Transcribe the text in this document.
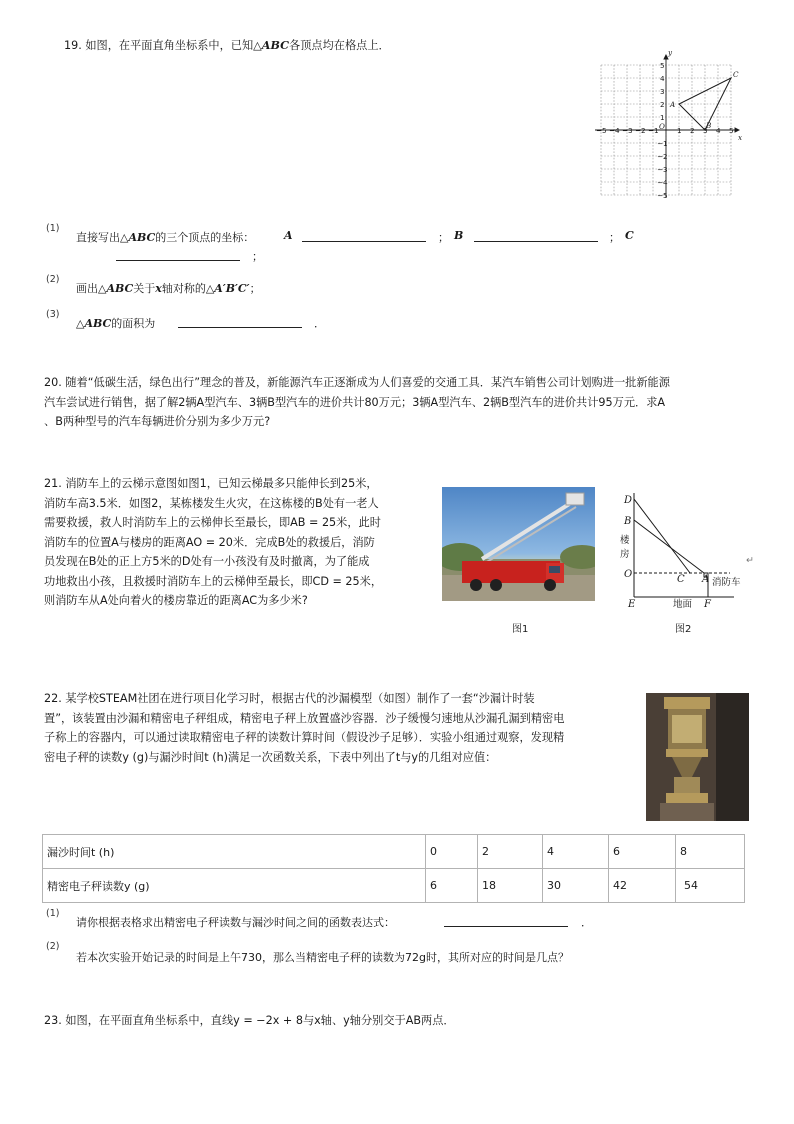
19. 如图，在平面直角坐标系中，已知△ABC各顶点均在格点上．
−5 −4 −3 −2 −1	1 2 3 4 5
5
4
3
2
1
−1
−2
−3
−4
−5
O
x
y
A
B
C
(1)
直接写出△ABC的三个顶点的坐标：	A	； B	； C
；
(2)
画出△ABC关于x轴对称的△A′B′C′；
(3)
△ABC的面积为	．
20. 随着“低碳生活，绿色出行”理念的普及，新能源汽车正逐渐成为人们喜爱的交通工具．某汽车销售公司计划购进一批新能源
汽车尝试进行销售，据了解2辆A型汽车、3辆B型汽车的进价共计80万元；3辆A型汽车、2辆B型汽车的进价共计95万元．求A
、B两种型号的汽车每辆进价分别为多少万元?
21. 消防车上的云梯示意图如图1，已知云梯最多只能伸长到25米，
消防车高3.5米．如图2，某栋楼发生火灾，在这栋楼的B处有一老人
需要救援，救人时消防车上的云梯伸长至最长，即AB = 25米，此时
消防车的位置A与楼房的距离AO = 20米．完成B处的救援后，消防
员发现在B处的正上方5米的D处有一小孩没有及时撤离，为了能成
功地救出小孩，且救援时消防车上的云梯伸至最长，即CD = 25米，
则消防车从A处向着火的楼房靠近的距离AC为多少米?
图1
D
B
O	C A
E	F
楼
房
地面
消防车
↵
图2
22. 某学校STEAM社团在进行项目化学习时，根据古代的沙漏模型（如图）制作了一套“沙漏计时装
置”，该装置由沙漏和精密电子秤组成，精密电子秤上放置盛沙容器．沙子缓慢匀速地从沙漏孔漏到精密电
子称上的容器内，可以通过读取精密电子秤的读数计算时间（假设沙子足够）．实验小组通过观察，发现精
密电子秤的读数y (g)与漏沙时间t (h)满足一次函数关系，下表中列出了t与y的几组对应值：
漏沙时间t (h)	0	2	4	6	8
精密电子秤读数y (g)	6	18	30	42	54
(1)
请你根据表格求出精密电子秤读数与漏沙时间之间的函数表达式：	．
(2)
若本次实验开始记录的时间是上午730，那么当精密电子秤的读数为72g时，其所对应的时间是几点？
23. 如图，在平面直角坐标系中，直线y = −2x + 8与x轴、y轴分别交于AB两点．
